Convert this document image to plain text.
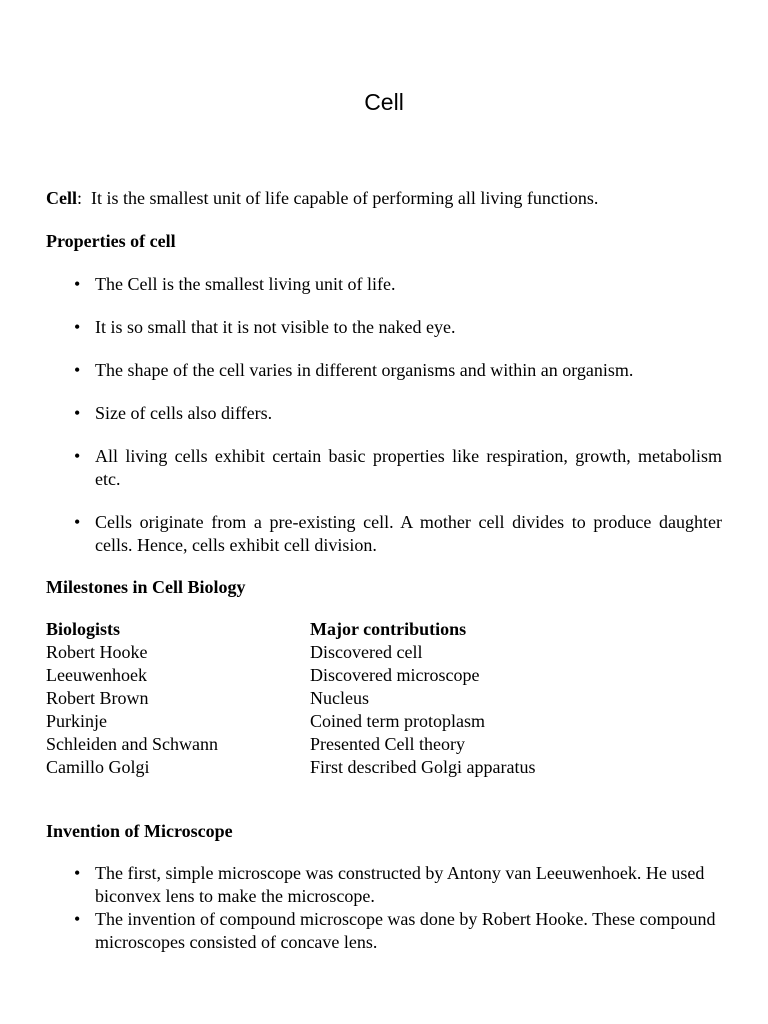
Cell
Cell:  It is the smallest unit of life capable of performing all living functions.
Properties of cell
• The Cell is the smallest living unit of life.
• It is so small that it is not visible to the naked eye.
• The shape of the cell varies in different organisms and within an organism.
• Size of cells also differs.
• All living cells exhibit certain basic properties like respiration, growth, metabolism etc.
• Cells originate from a pre-existing cell. A mother cell divides to produce daughter cells. Hence, cells exhibit cell division.
Milestones in Cell Biology
Biologists	Major contributions
Robert Hooke	Discovered cell
Leeuwenhoek	Discovered microscope
Robert Brown	Nucleus
Purkinje	Coined term protoplasm
Schleiden and Schwann	Presented Cell theory
Camillo Golgi	First described Golgi apparatus
Invention of Microscope
• The first, simple microscope was constructed by Antony van Leeuwenhoek. He used biconvex lens to make the microscope.
• The invention of compound microscope was done by Robert Hooke. These compound microscopes consisted of concave lens.
